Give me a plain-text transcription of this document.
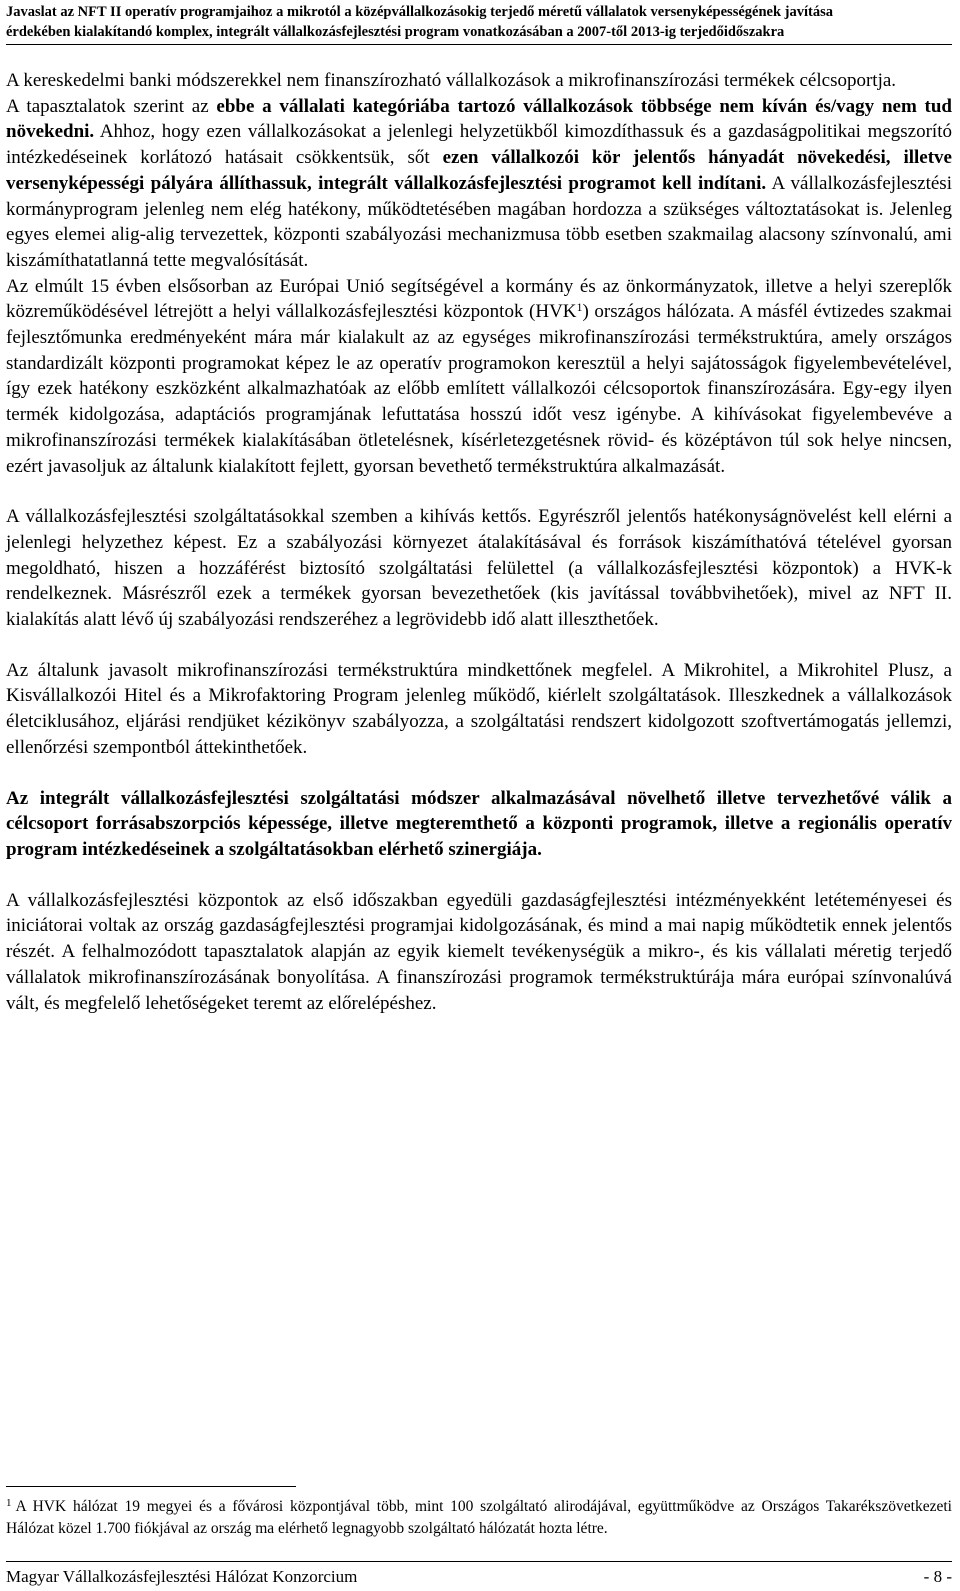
Javaslat az NFT II operatív programjaihoz a mikrotól a középvállalkozásokig terjedő méretű vállalatok versenyképességének javítása
érdekében kialakítandó komplex, integrált vállalkozásfejlesztési program vonatkozásában a 2007-től 2013-ig terjedőidőszakra

A kereskedelmi banki módszerekkel nem finanszírozható vállalkozások a mikrofinanszírozási termékek célcsoportja.

A tapasztalatok szerint az ebbe a vállalati kategóriába tartozó vállalkozások többsége nem kíván és/vagy nem tud növekedni. Ahhoz, hogy ezen vállalkozásokat a jelenlegi helyzetükből kimozdíthassuk és a gazdaságpolitikai megszorító intézkedéseinek korlátozó hatásait csökkentsük, sőt ezen vállalkozói kör jelentős hányadát növekedési, illetve versenyképességi pályára állíthassuk, integrált vállalkozásfejlesztési programot kell indítani. A vállalkozásfejlesztési kormányprogram jelenleg nem elég hatékony, működtetésében magában hordozza a szükséges változtatásokat is. Jelenleg egyes elemei alig-alig tervezettek, központi szabályozási mechanizmusa több esetben szakmailag alacsony színvonalú, ami kiszámíthatatlanná tette megvalósítását.

Az elmúlt 15 évben elsősorban az Európai Unió segítségével a kormány és az önkormányzatok, illetve a helyi szereplők közreműködésével létrejött a helyi vállalkozásfejlesztési központok (HVK$^1$) országos hálózata. A másfél évtizedes szakmai fejlesztőmunka eredményeként mára már kialakult az az egységes mikrofinanszírozási termékstruktúra, amely országos standardizált központi programokat képez le az operatív programokon keresztül a helyi sajátosságok figyelembevételével, így ezek hatékony eszközként alkalmazhatóak az előbb említett vállalkozói célcsoportok finanszírozására. Egy-egy ilyen termék kidolgozása, adaptációs programjának lefuttatása hosszú időt vesz igénybe. A kihívásokat figyelembevéve a mikrofinanszírozási termékek kialakításában ötletelésnek, kísérletezgetésnek rövid- és középtávon túl sok helye nincsen, ezért javasoljuk az általunk kialakított fejlett, gyorsan bevethető termékstruktúra alkalmazását.

A vállalkozásfejlesztési szolgáltatásokkal szemben a kihívás kettős. Egyrészről jelentős hatékonyságnövelést kell elérni a jelenlegi helyzethez képest. Ez a szabályozási környezet átalakításával és források kiszámíthatóvá tételével gyorsan megoldható, hiszen a hozzáférést biztosító szolgáltatási felülettel (a vállalkozásfejlesztési központok) a HVK-k rendelkeznek. Másrészről ezek a termékek gyorsan bevezethetőek (kis javítással továbbvihetőek), mivel az NFT II. kialakítás alatt lévő új szabályozási rendszeréhez a legrövidebb idő alatt illeszthetőek.

Az általunk javasolt mikrofinanszírozási termékstruktúra mindkettőnek megfelel. A Mikrohitel, a Mikrohitel Plusz, a Kisvállalkozói Hitel és a Mikrofaktoring Program jelenleg működő, kiérlelt szolgáltatások. Illeszkednek a vállalkozások életciklusához, eljárási rendjüket kézikönyv szabályozza, a szolgáltatási rendszert kidolgozott szoftvertámogatás jellemzi, ellenőrzési szempontból áttekinthetőek.

Az integrált vállalkozásfejlesztési szolgáltatási módszer alkalmazásával növelhető illetve tervezhetővé válik a célcsoport forrásabszorpciós képessége, illetve megteremthető a központi programok, illetve a regionális operatív program intézkedéseinek a szolgáltatásokban elérhető szinergiája.

A vállalkozásfejlesztési központok az első időszakban egyedüli gazdaságfejlesztési intézményekként letéteményesei és iniciátorai voltak az ország gazdaságfejlesztési programjai kidolgozásának, és mind a mai napig működtetik ennek jelentős részét. A felhalmozódott tapasztalatok alapján az egyik kiemelt tevékenységük a mikro-, és kis vállalati méretig terjedő vállalatok mikrofinanszírozásának bonyolítása. A finanszírozási programok termékstruktúrája mára európai színvonalúvá vált, és megfelelő lehetőségeket teremt az előrelépéshez.

$^1$ A HVK hálózat 19 megyei és a fővárosi központjával több, mint 100 szolgáltató alirodájával, együttműködve az Országos Takarékszövetkezeti Hálózat közel 1.700 fiókjával az ország ma elérhető legnagyobb szolgáltató hálózatát hozta létre.
Magyar Vállalkozásfejlesztési Hálózat Konzorcium	- 8 -
